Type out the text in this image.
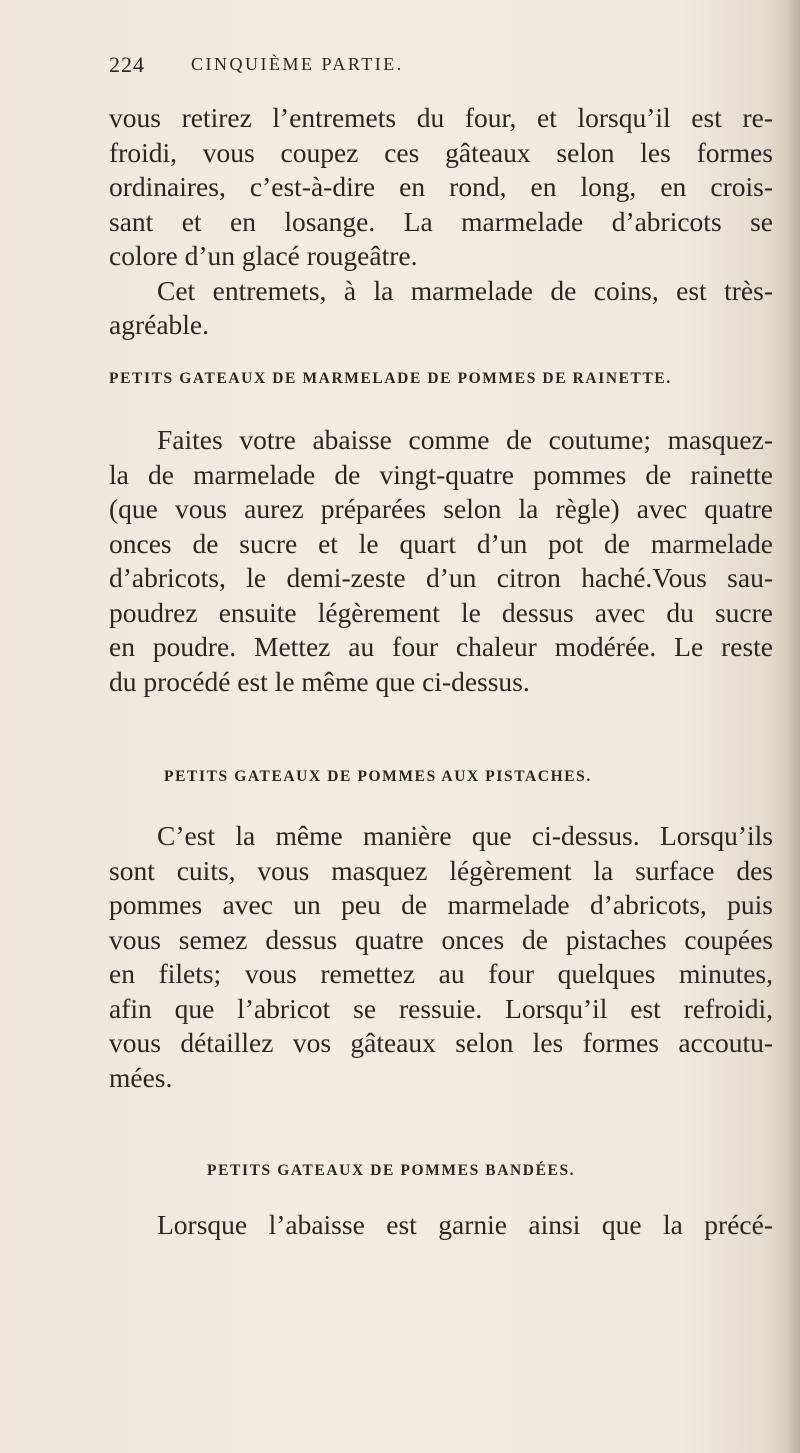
224	CINQUIÈME PARTIE.
vous retirez l’entremets du four, et lorsqu’il est re-
froidi, vous coupez ces gâteaux selon les formes
ordinaires, c’est-à-dire en rond, en long, en crois-
sant et en losange. La marmelade d’abricots se
colore d’un glacé rougeâtre.
Cet entremets, à la marmelade de coins, est très-
agréable.
PETITS GATEAUX DE MARMELADE DE POMMES DE RAINETTE.
Faites votre abaisse comme de coutume; masquez-
la de marmelade de vingt-quatre pommes de rainette
(que vous aurez préparées selon la règle) avec quatre
onces de sucre et le quart d’un pot de marmelade
d’abricots, le demi-zeste d’un citron haché.Vous sau-
poudrez ensuite légèrement le dessus avec du sucre
en poudre. Mettez au four chaleur modérée. Le reste
du procédé est le même que ci-dessus.
PETITS GATEAUX DE POMMES AUX PISTACHES.
C’est la même manière que ci-dessus. Lorsqu’ils
sont cuits, vous masquez légèrement la surface des
pommes avec un peu de marmelade d’abricots, puis
vous semez dessus quatre onces de pistaches coupées
en filets; vous remettez au four quelques minutes,
afin que l’abricot se ressuie. Lorsqu’il est refroidi,
vous détaillez vos gâteaux selon les formes accoutu-
mées.
PETITS GATEAUX DE POMMES BANDÉES.
Lorsque l’abaisse est garnie ainsi que la précé-
